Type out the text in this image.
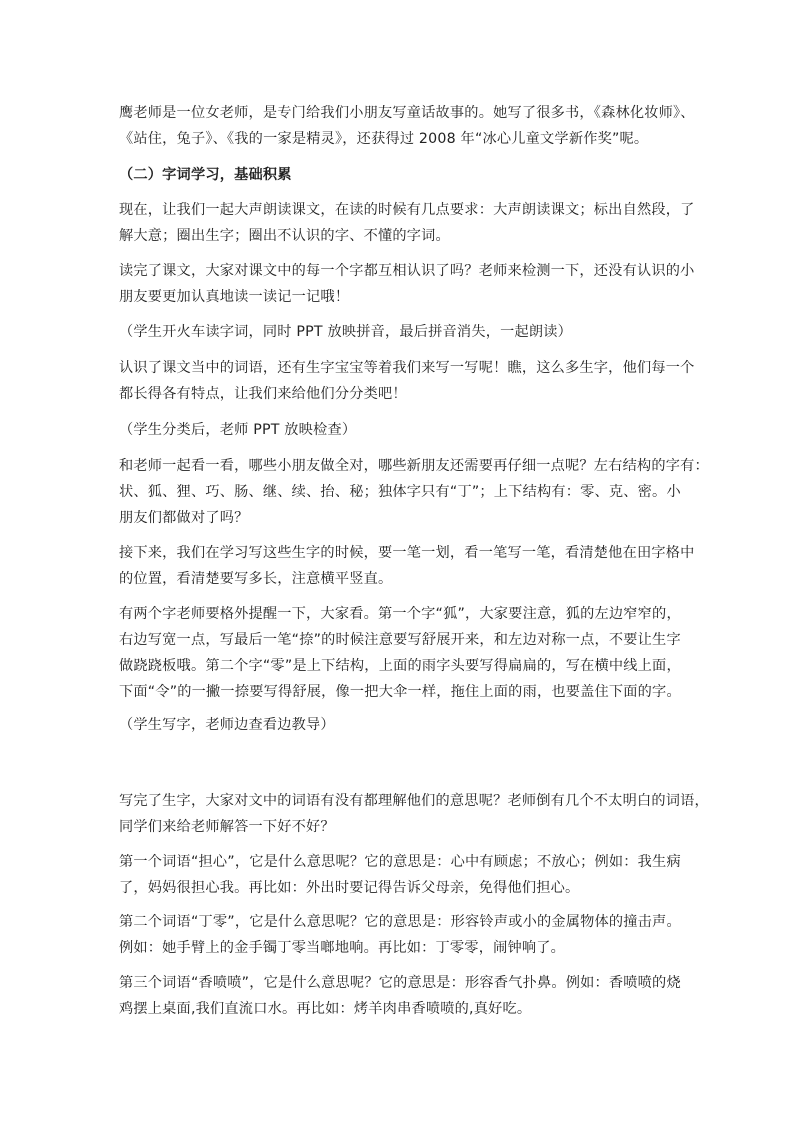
鹰老师是一位女老师，是专门给我们小朋友写童话故事的。她写了很多书，《森林化妆师》、
《站住，兔子》、《我的一家是精灵》，还获得过 2008 年“冰心儿童文学新作奖”呢。

（二）字词学习，基础积累

现在，让我们一起大声朗读课文，在读的时候有几点要求：大声朗读课文；标出自然段，了
解大意；圈出生字；圈出不认识的字、不懂的字词。

读完了课文，大家对课文中的每一个字都互相认识了吗？老师来检测一下，还没有认识的小
朋友要更加认真地读一读记一记哦！

（学生开火车读字词，同时 PPT 放映拼音，最后拼音消失，一起朗读）

认识了课文当中的词语，还有生字宝宝等着我们来写一写呢！瞧，这么多生字，他们每一个
都长得各有特点，让我们来给他们分分类吧！

（学生分类后，老师 PPT 放映检查）

和老师一起看一看，哪些小朋友做全对，哪些新朋友还需要再仔细一点呢？左右结构的字有：
状、狐、狸、巧、肠、继、续、抬、秘；独体字只有“丁”；上下结构有：零、克、密。小
朋友们都做对了吗？

接下来，我们在学习写这些生字的时候，要一笔一划，看一笔写一笔，看清楚他在田字格中
的位置，看清楚要写多长，注意横平竖直。

有两个字老师要格外提醒一下，大家看。第一个字“狐”，大家要注意，狐的左边窄窄的，
右边写宽一点，写最后一笔“捺”的时候注意要写舒展开来，和左边对称一点，不要让生字
做跷跷板哦。第二个字“零”是上下结构，上面的雨字头要写得扁扁的，写在横中线上面，
下面“令”的一撇一捺要写得舒展，像一把大伞一样，拖住上面的雨，也要盖住下面的字。

（学生写字，老师边查看边教导）

写完了生字，大家对文中的词语有没有都理解他们的意思呢？老师倒有几个不太明白的词语，
同学们来给老师解答一下好不好？

第一个词语“担心”，它是什么意思呢？它的意思是：心中有顾虑；不放心；例如：我生病
了，妈妈很担心我。再比如：外出时要记得告诉父母亲，免得他们担心。

第二个词语“丁零”，它是什么意思呢？它的意思是：形容铃声或小的金属物体的撞击声。
例如：她手臂上的金手镯丁零当啷地响。再比如：丁零零，闹钟响了。

第三个词语“香喷喷”，它是什么意思呢？它的意思是：形容香气扑鼻。例如：香喷喷的烧
鸡摆上桌面,我们直流口水。再比如：烤羊肉串香喷喷的,真好吃。
